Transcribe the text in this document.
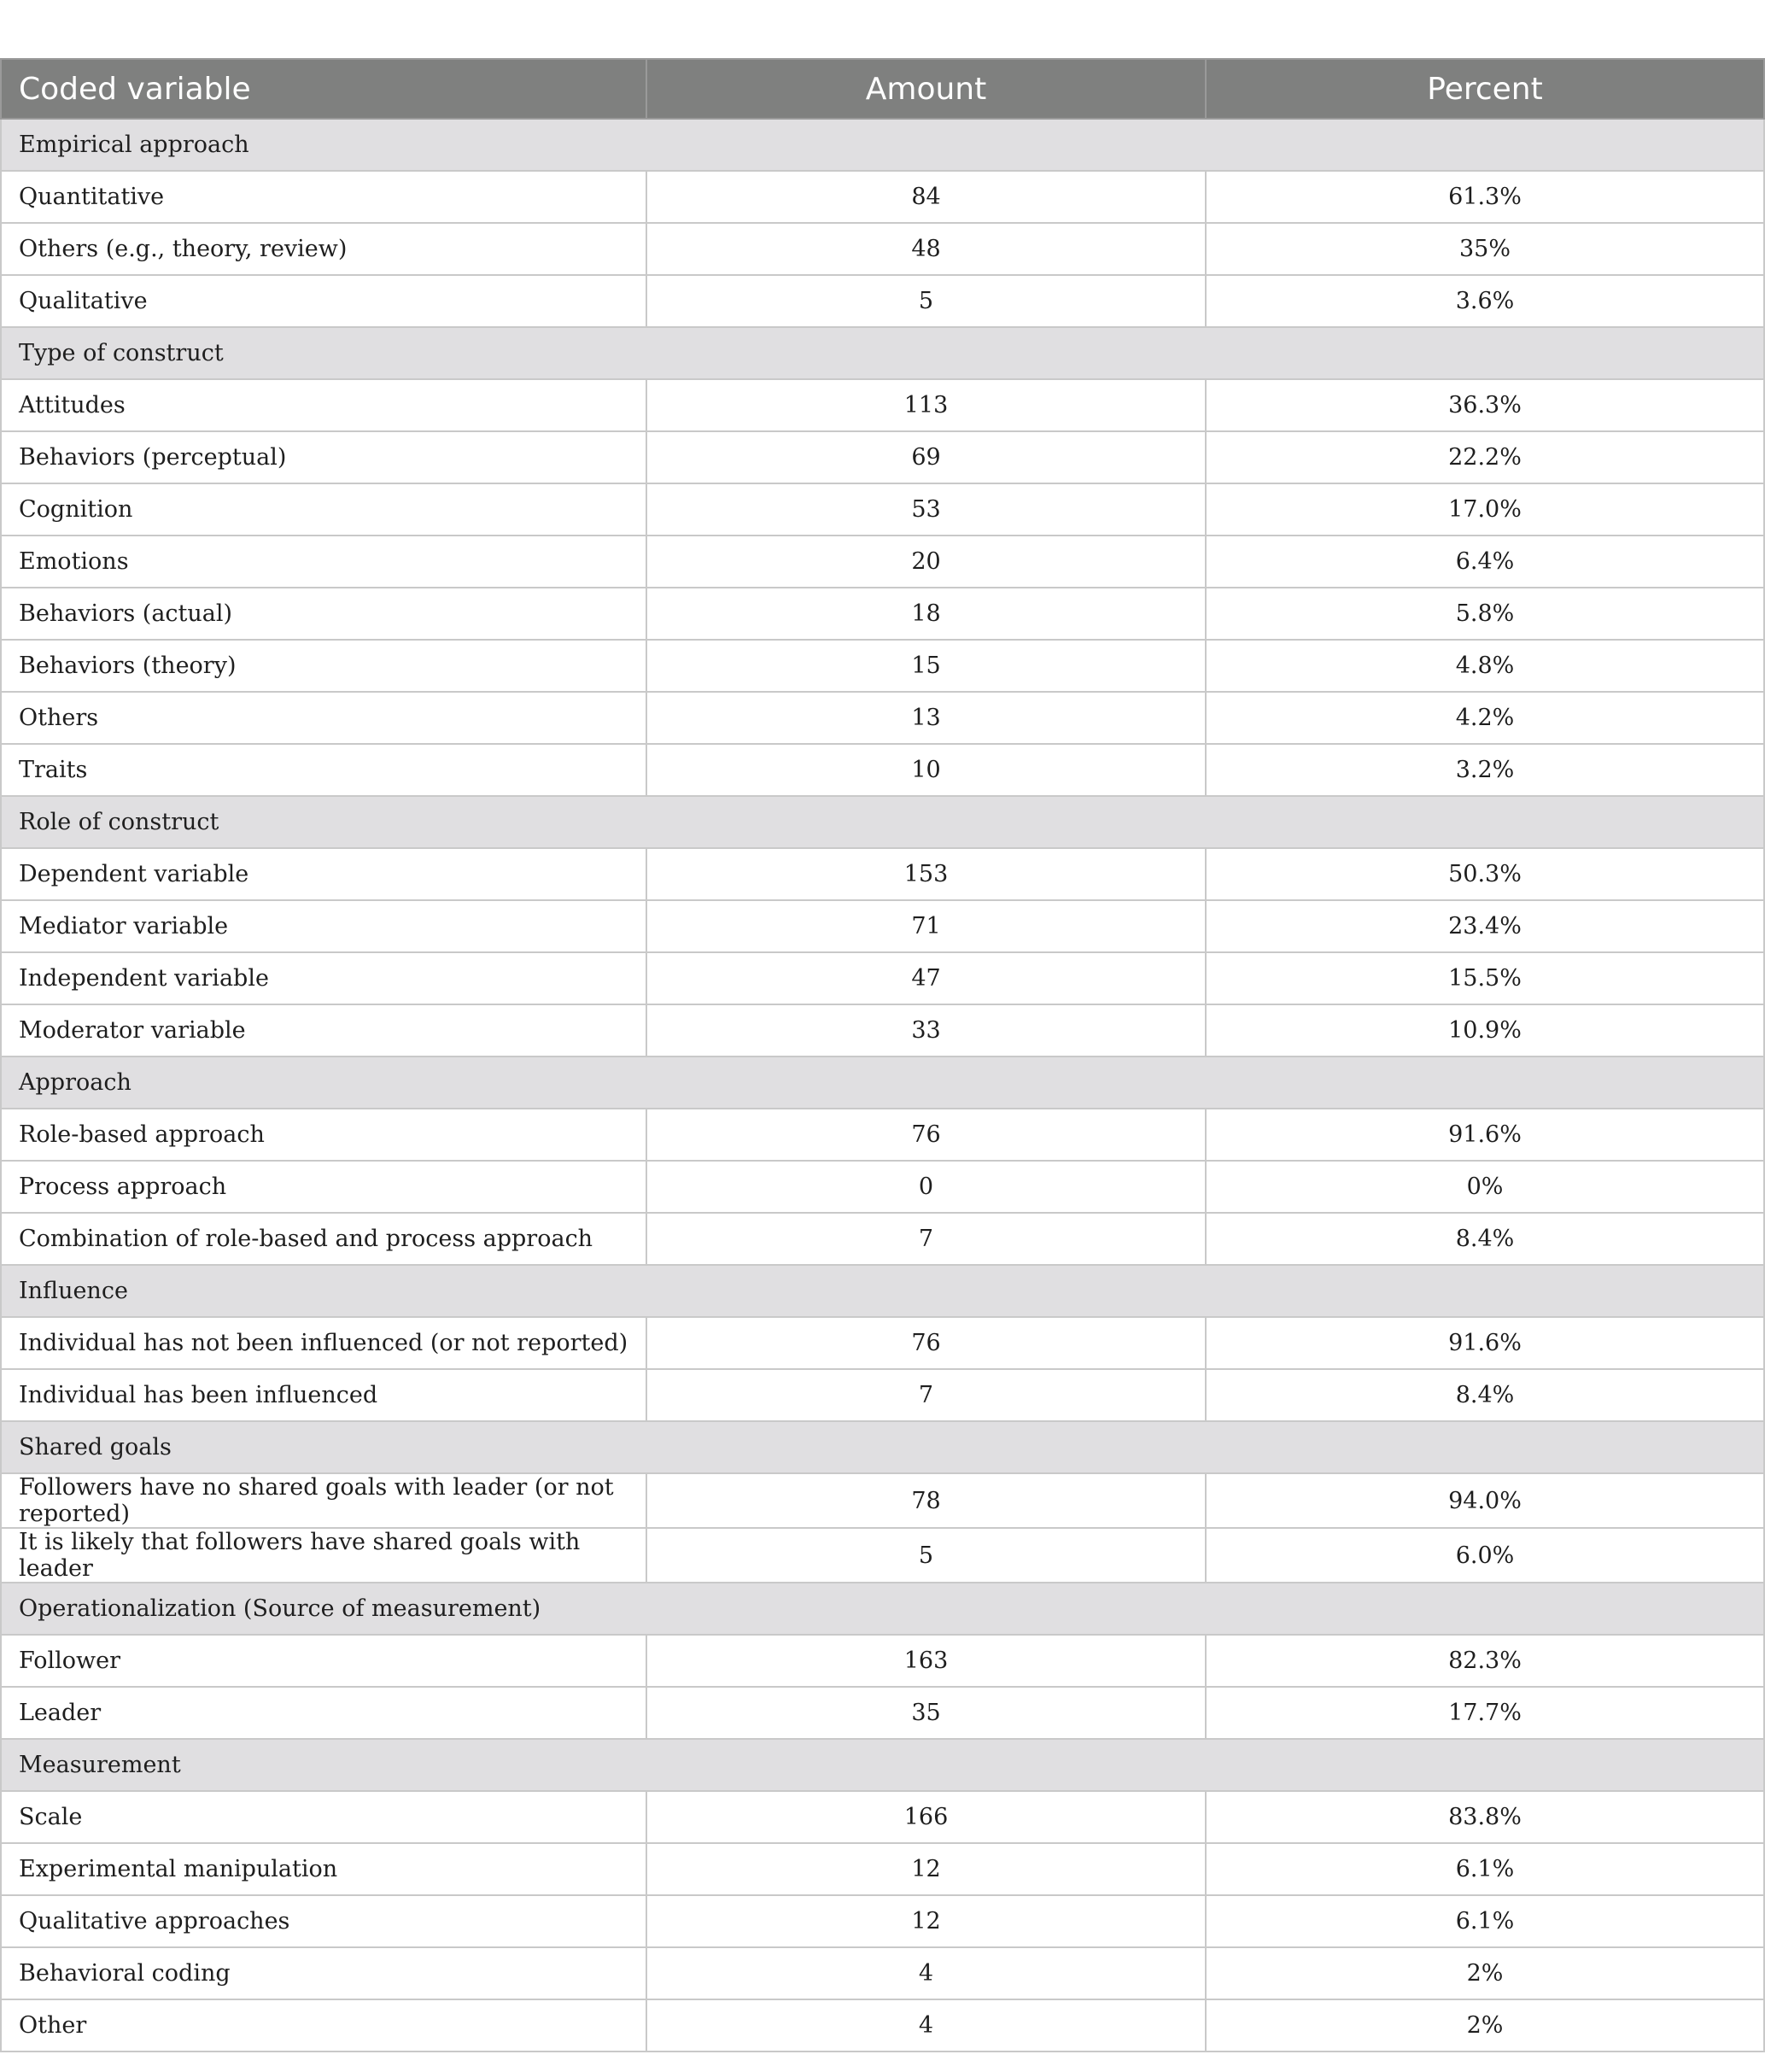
Coded variable	Amount	Percent
Empirical approach		
Quantitative	84	61.3%
Others (e.g., theory, review)	48	35%
Qualitative	5	3.6%
Type of construct		
Attitudes	113	36.3%
Behaviors (perceptual)	69	22.2%
Cognition	53	17.0%
Emotions	20	6.4%
Behaviors (actual)	18	5.8%
Behaviors (theory)	15	4.8%
Others	13	4.2%
Traits	10	3.2%
Role of construct		
Dependent variable	153	50.3%
Mediator variable	71	23.4%
Independent variable	47	15.5%
Moderator variable	33	10.9%
Approach		
Role-based approach	76	91.6%
Process approach	0	0%
Combination of role-based and process approach	7	8.4%
Influence		
Individual has not been influenced (or not reported)	76	91.6%
Individual has been influenced	7	8.4%
Shared goals		
Followers have no shared goals with leader (or not reported)	78	94.0%
It is likely that followers have shared goals with leader	5	6.0%
Operationalization (Source of measurement)		
Follower	163	82.3%
Leader	35	17.7%
Measurement		
Scale	166	83.8%
Experimental manipulation	12	6.1%
Qualitative approaches	12	6.1%
Behavioral coding	4	2%
Other	4	2%
